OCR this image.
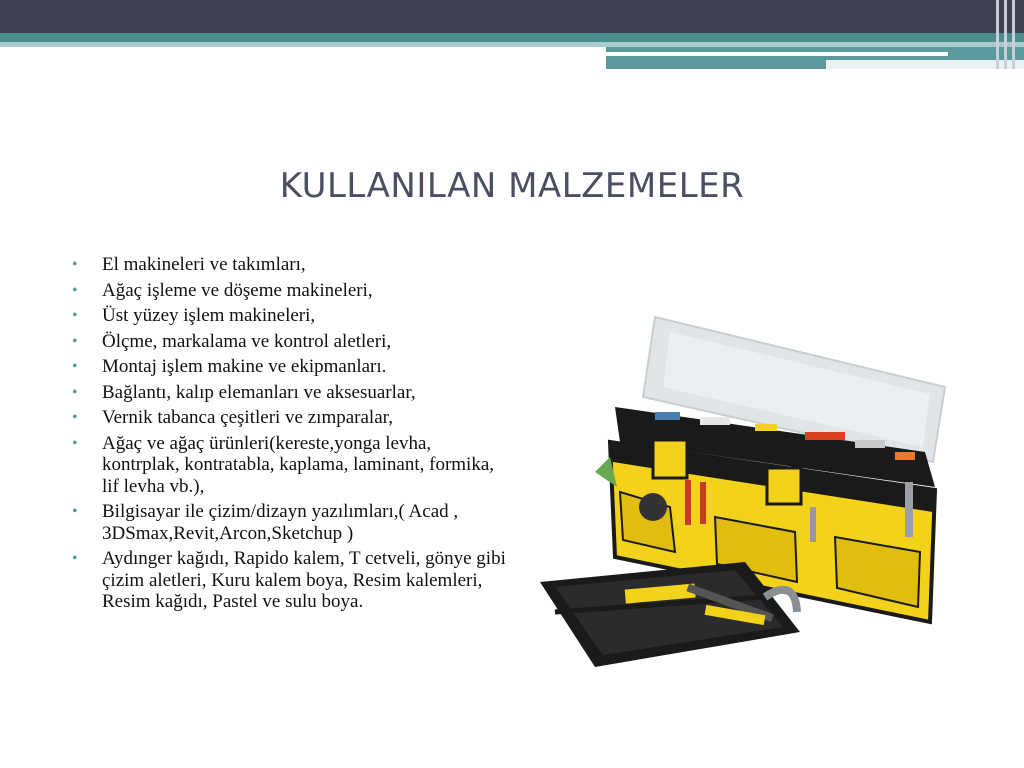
KULLANILAN MALZEMELER
• El makineleri ve takımları,
• Ağaç işleme ve döşeme makineleri,
• Üst yüzey işlem makineleri,
• Ölçme, markalama ve kontrol aletleri,
• Montaj işlem makine ve ekipmanları.
• Bağlantı, kalıp elemanları ve aksesuarlar,
• Vernik tabanca çeşitleri ve zımparalar,
• Ağaç ve ağaç ürünleri(kereste,yonga levha, kontrplak, kontratabla, kaplama, laminant, formika, lif levha vb.),
• Bilgisayar ile çizim/dizayn yazılımları,( Acad , 3DSmax,Revit,Arcon,Sketchup )
• Aydınger kağıdı, Rapido kalem, T cetveli, gönye gibi çizim aletleri, Kuru kalem boya, Resim kalemleri, Resim kağıdı, Pastel ve sulu boya.
